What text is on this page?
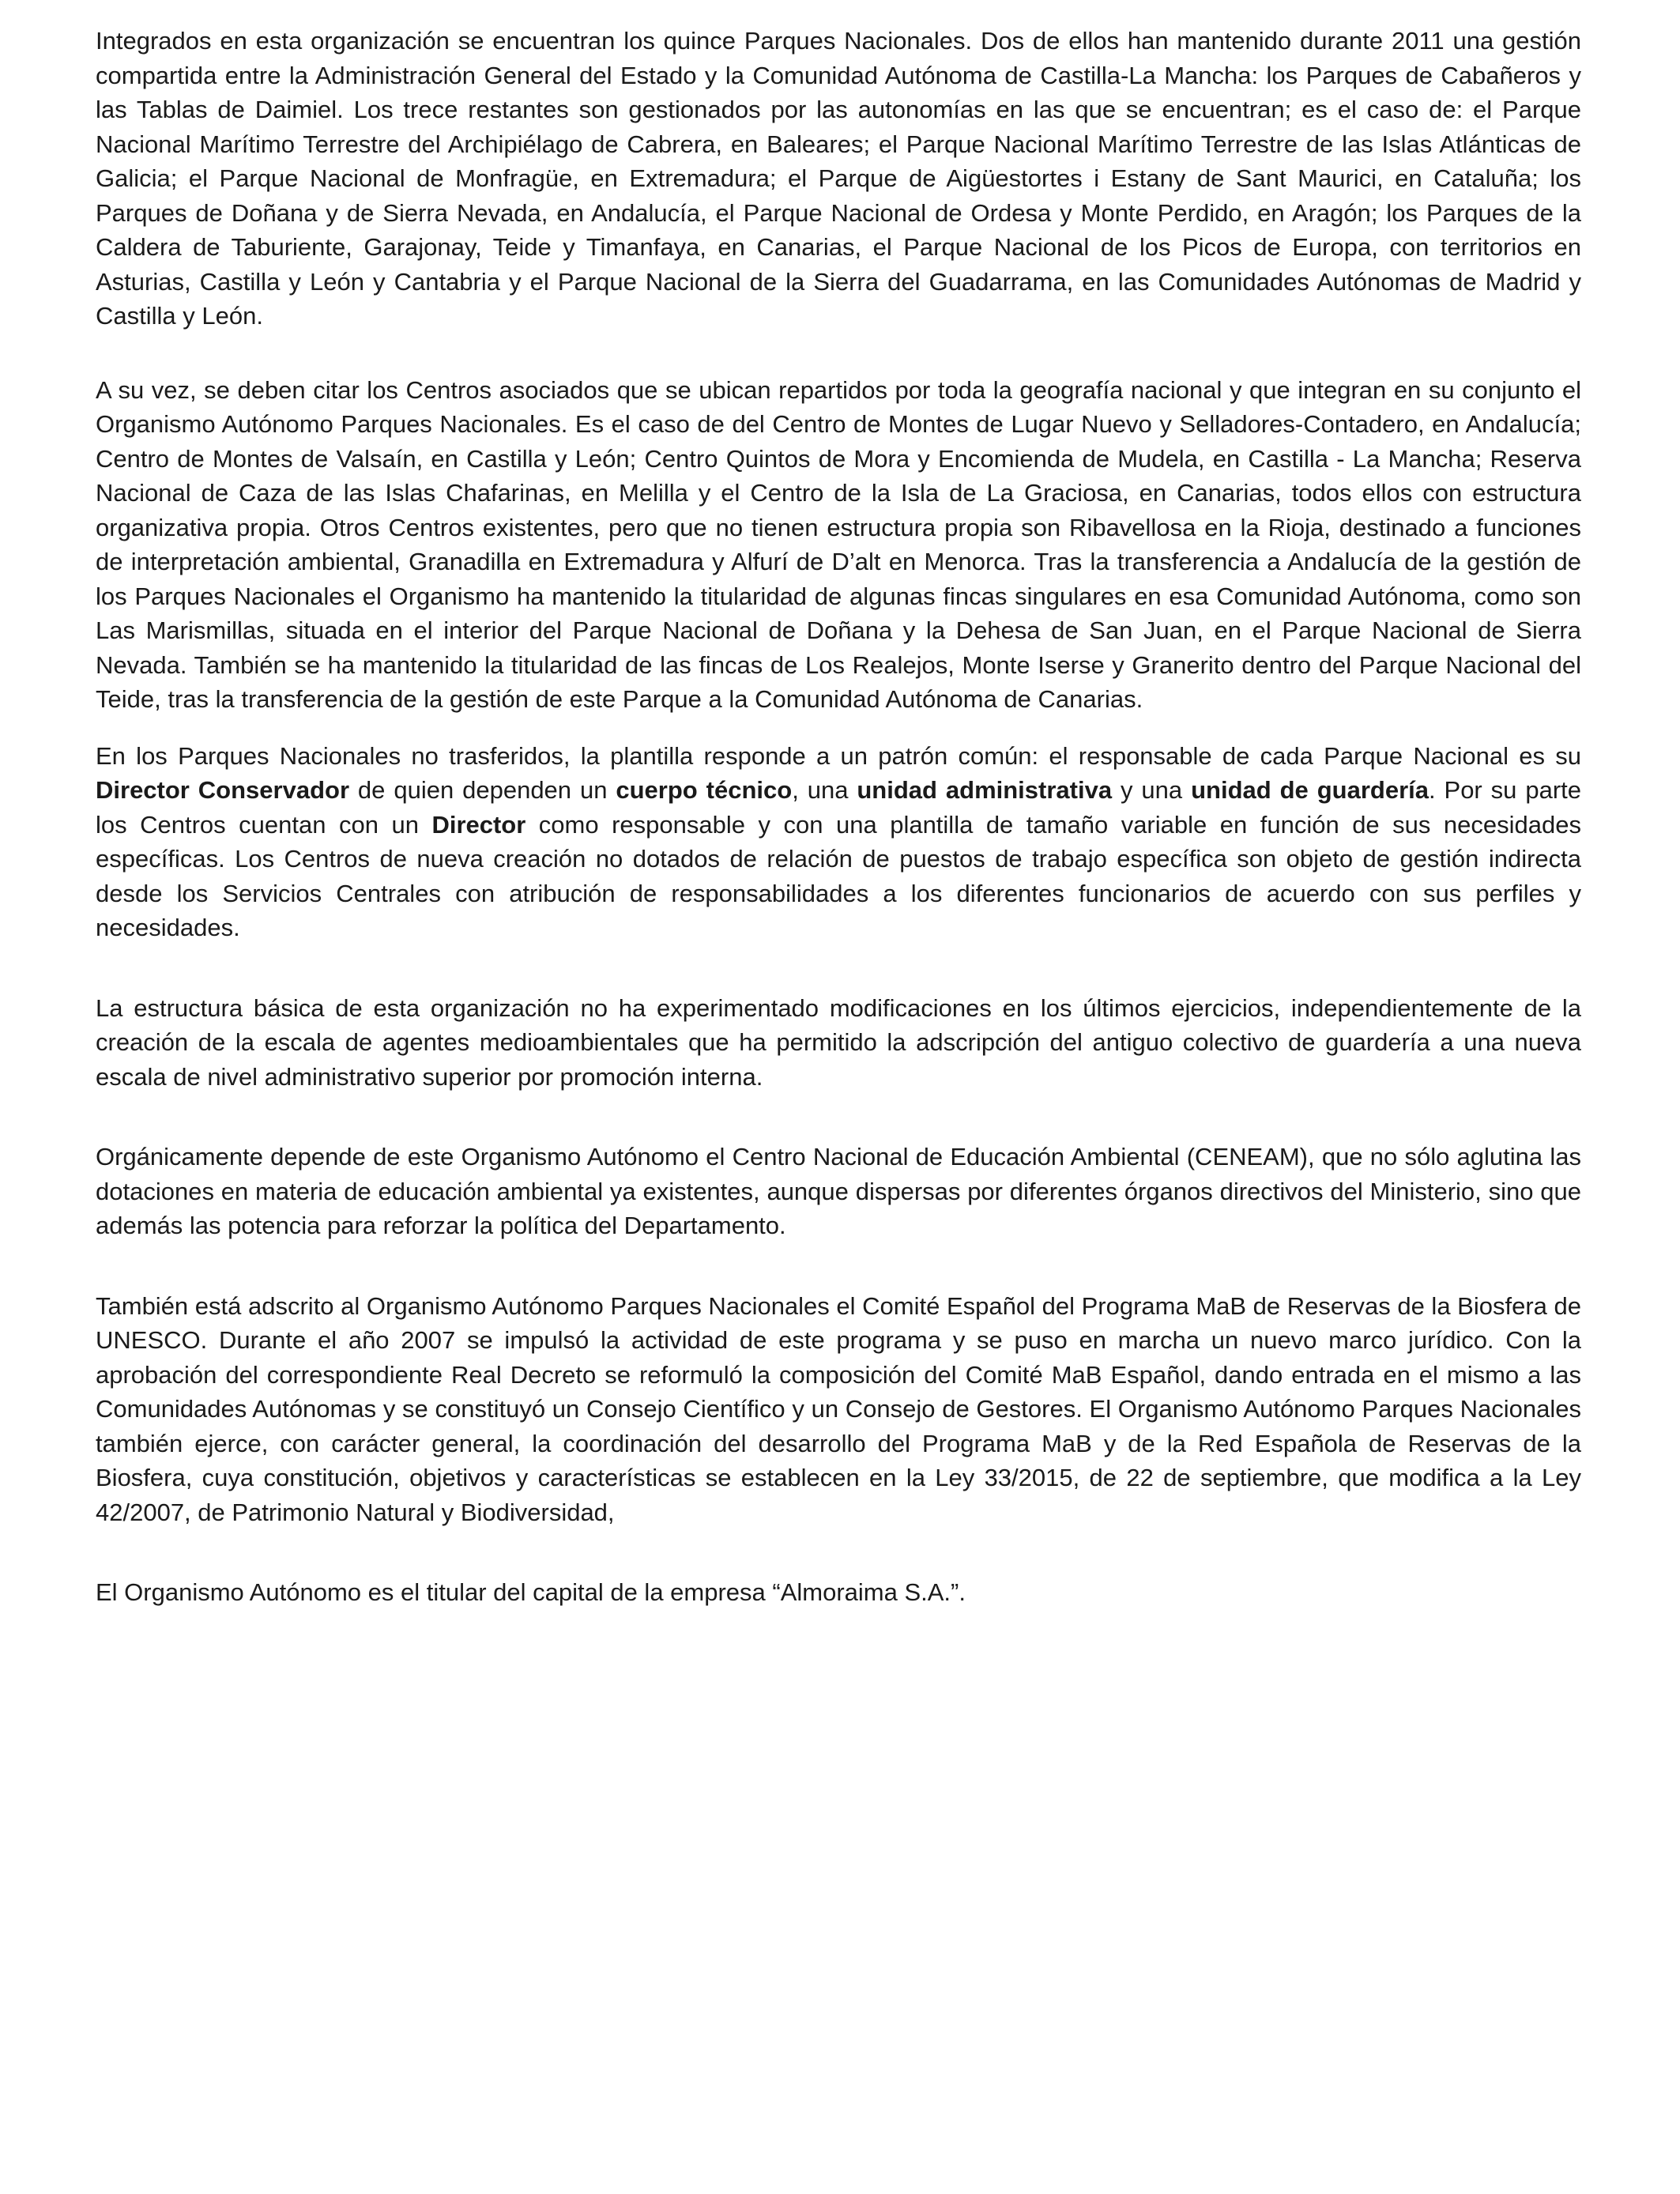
Integrados en esta organización se encuentran los quince Parques Nacionales. Dos de ellos han mantenido durante 2011 una gestión compartida entre la Administración General del Estado y la Comunidad Autónoma de Castilla-La Mancha: los Parques de Cabañeros y las Tablas de Daimiel. Los trece restantes son gestionados por las autonomías en las que se encuentran; es el caso de: el Parque Nacional Marítimo Terrestre del Archipiélago de Cabrera, en Baleares; el Parque Nacional Marítimo Terrestre de las Islas Atlánticas de Galicia; el Parque Nacional de Monfragüe, en Extremadura; el Parque de Aigüestortes i Estany de Sant Maurici, en Cataluña; los Parques de Doñana y de Sierra Nevada, en Andalucía, el Parque Nacional de Ordesa y Monte Perdido, en Aragón; los Parques de la Caldera de Taburiente, Garajonay, Teide y Timanfaya, en Canarias, el Parque Nacional de los Picos de Europa, con territorios en Asturias, Castilla y León y Cantabria y el Parque Nacional de la Sierra del Guadarrama, en las Comunidades Autónomas de Madrid y Castilla y León.

A su vez, se deben citar los Centros asociados que se ubican repartidos por toda la geografía nacional y que integran en su conjunto el Organismo Autónomo Parques Nacionales. Es el caso de del Centro de Montes de Lugar Nuevo y Selladores-Contadero, en Andalucía; Centro de Montes de Valsaín, en Castilla y León; Centro Quintos de Mora y Encomienda de Mudela, en Castilla - La Mancha; Reserva Nacional de Caza de las Islas Chafarinas, en Melilla y el Centro de la Isla de La Graciosa, en Canarias, todos ellos con estructura organizativa propia. Otros Centros existentes, pero que no tienen estructura propia son Ribavellosa en la Rioja, destinado a funciones de interpretación ambiental, Granadilla en Extremadura y Alfurí de D’alt en Menorca. Tras la transferencia a Andalucía de la gestión de los Parques Nacionales el Organismo ha mantenido la titularidad de algunas fincas singulares en esa Comunidad Autónoma, como son Las Marismillas, situada en el interior del Parque Nacional de Doñana y la Dehesa de San Juan, en el Parque Nacional de Sierra Nevada. También se ha mantenido la titularidad de las fincas de Los Realejos, Monte Iserse y Granerito dentro del Parque Nacional del Teide, tras la transferencia de la gestión de este Parque a la Comunidad Autónoma de Canarias.

En los Parques Nacionales no trasferidos, la plantilla responde a un patrón común: el responsable de cada Parque Nacional es su Director Conservador de quien dependen un cuerpo técnico, una unidad administrativa y una unidad de guardería. Por su parte los Centros cuentan con un Director como responsable y con una plantilla de tamaño variable en función de sus necesidades específicas. Los Centros de nueva creación no dotados de relación de puestos de trabajo específica son objeto de gestión indirecta desde los Servicios Centrales con atribución de responsabilidades a los diferentes funcionarios de acuerdo con sus perfiles y necesidades.

La estructura básica de esta organización no ha experimentado modificaciones en los últimos ejercicios, independientemente de la creación de la escala de agentes medioambientales que ha permitido la adscripción del antiguo colectivo de guardería a una nueva escala de nivel administrativo superior por promoción interna.

Orgánicamente depende de este Organismo Autónomo el Centro Nacional de Educación Ambiental (CENEAM), que no sólo aglutina las dotaciones en materia de educación ambiental ya existentes, aunque dispersas por diferentes órganos directivos del Ministerio, sino que además las potencia para reforzar la política del Departamento.

También está adscrito al Organismo Autónomo Parques Nacionales el Comité Español del Programa MaB de Reservas de la Biosfera de UNESCO. Durante el año 2007 se impulsó la actividad de este programa y se puso en marcha un nuevo marco jurídico. Con la aprobación del correspondiente Real Decreto se reformuló la composición del Comité MaB Español, dando entrada en el mismo a las Comunidades Autónomas y se constituyó un Consejo Científico y un Consejo de Gestores. El Organismo Autónomo Parques Nacionales también ejerce, con carácter general, la coordinación del desarrollo del Programa MaB y de la Red Española de Reservas de la Biosfera, cuya constitución, objetivos y características se establecen en la Ley 33/2015, de 22 de septiembre, que modifica a la Ley 42/2007, de Patrimonio Natural y Biodiversidad,

El Organismo Autónomo es el titular del capital de la empresa “Almoraima S.A.”.
